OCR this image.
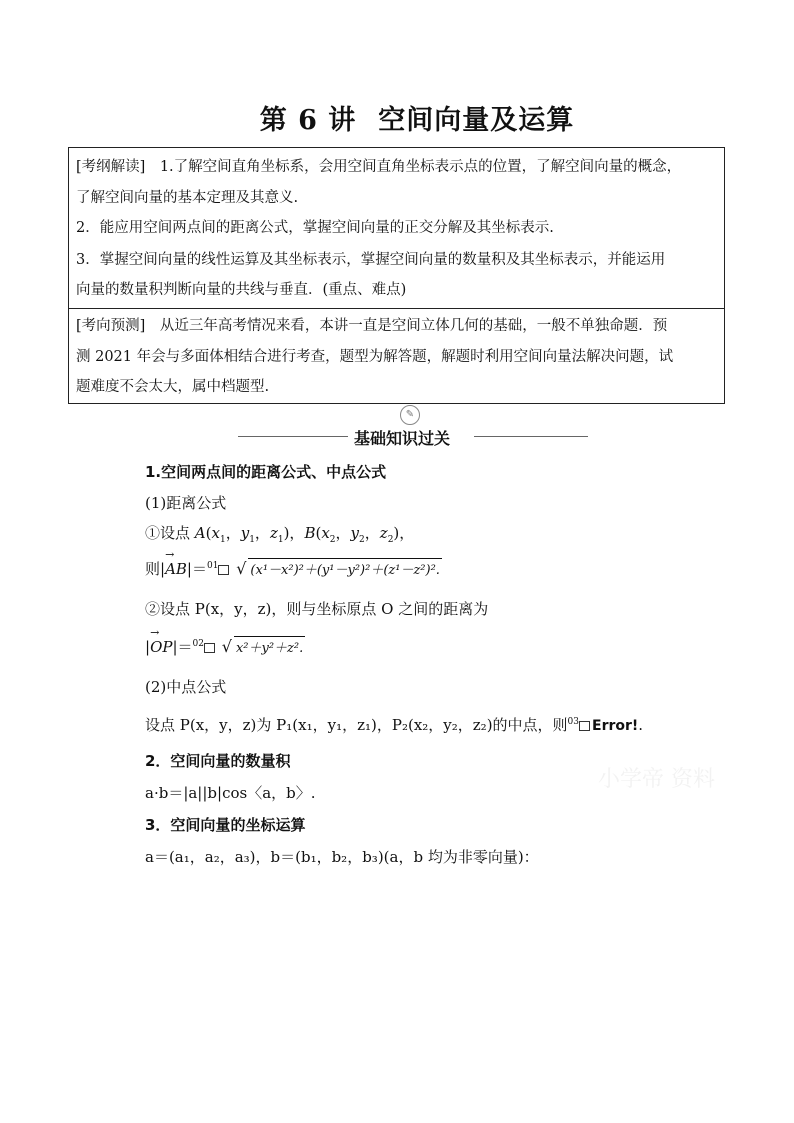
第 6 讲 空间向量及运算
[考纲解读]　1.了解空间直角坐标系，会用空间直角坐标表示点的位置，了解空间向量的概念，
了解空间向量的基本定理及其意义.
2．能应用空间两点间的距离公式，掌握空间向量的正交分解及其坐标表示.
3．掌握空间向量的线性运算及其坐标表示，掌握空间向量的数量积及其坐标表示，并能运用
向量的数量积判断向量的共线与垂直．(重点、难点)
[考向预测]　从近三年高考情况来看，本讲一直是空间立体几何的基础，一般不单独命题．预
测 2021 年会与多面体相结合进行考查，题型为解答题，解题时利用空间向量法解决问题，试
题难度不会太大，属中档题型.
✎
基础知识过关
1.空间两点间的距离公式、中点公式
(1)距离公式
①设点 $A(x_1$，$y_1$，$z_1$)，$B(x_2$，$y_2$，$z_2$)，
则|→ AB|＝$^{01}$ √ (x¹－x²)²＋(y¹－y²)²＋(z¹－z²)².
②设点 P(x，y，z)，则与坐标原点 O 之间的距离为
|→ OP|＝$^{02}$ √ x²＋y²＋z².
(2)中点公式
设点 P(x，y，z)为 P₁(x₁，y₁，z₁)，P₂(x₂，y₂，z₂)的中点，则$^{03}$ Error!.
2．空间向量的数量积
a·b＝|a||b|cos〈a，b〉.
3．空间向量的坐标运算
a＝(a₁，a₂，a₃)，b＝(b₁，b₂，b₃)(a，b 均为非零向量)：
小学帝 资料
